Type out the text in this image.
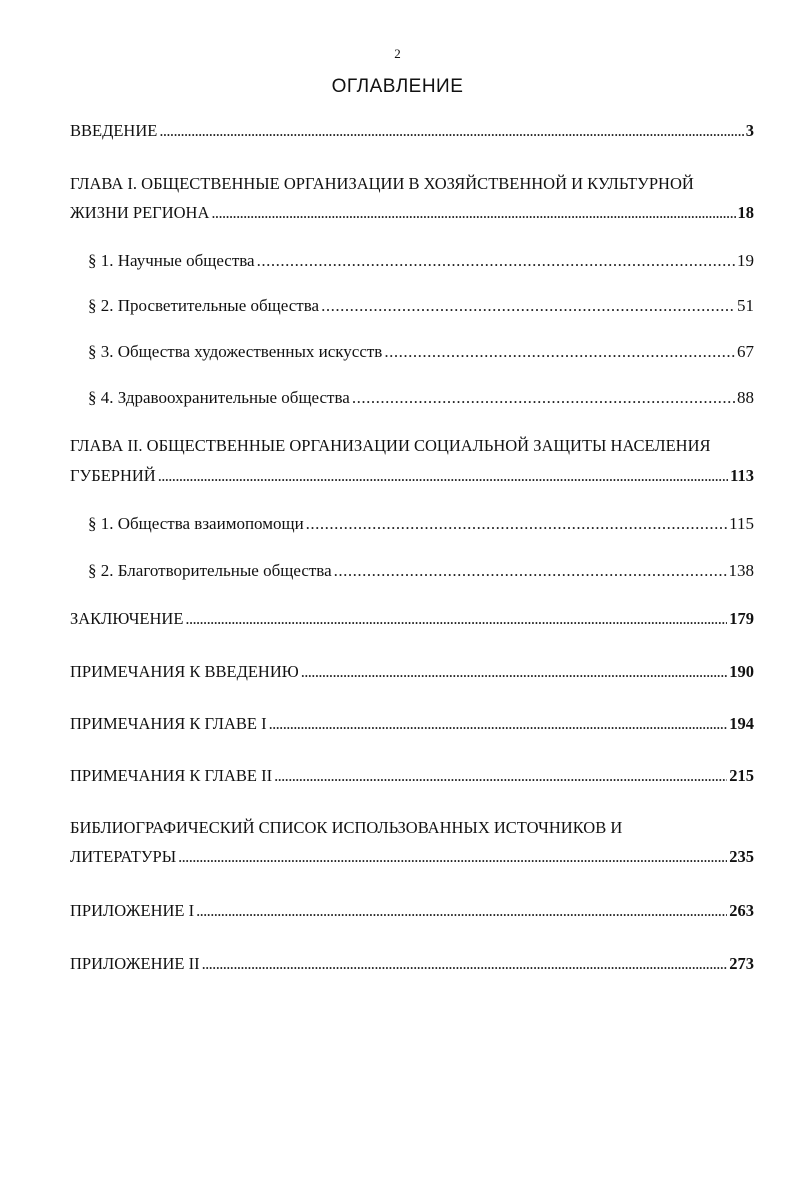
2
ОГЛАВЛЕНИЕ
ВВЕДЕНИЕ .....	3
ГЛАВА I. ОБЩЕСТВЕННЫЕ ОРГАНИЗАЦИИ В ХОЗЯЙСТВЕННОЙ И КУЛЬТУРНОЙ
ЖИЗНИ РЕГИОНА .....	18
§ 1. Научные общества .....	19
§ 2. Просветительные общества .....	51
§ 3. Общества художественных искусств .....	67
§ 4. Здравоохранительные общества .....	88
ГЛАВА II. ОБЩЕСТВЕННЫЕ ОРГАНИЗАЦИИ СОЦИАЛЬНОЙ ЗАЩИТЫ НАСЕЛЕНИЯ
ГУБЕРНИЙ .....	113
§ 1. Общества взаимопомощи .....	115
§ 2. Благотворительные общества .....	138
ЗАКЛЮЧЕНИЕ .....	179
ПРИМЕЧАНИЯ К ВВЕДЕНИЮ .....	190
ПРИМЕЧАНИЯ К ГЛАВЕ I .....	194
ПРИМЕЧАНИЯ К ГЛАВЕ II .....	215
БИБЛИОГРАФИЧЕСКИЙ СПИСОК ИСПОЛЬЗОВАННЫХ ИСТОЧНИКОВ И
ЛИТЕРАТУРЫ .....	235
ПРИЛОЖЕНИЕ I .....	263
ПРИЛОЖЕНИЕ II .....	273
